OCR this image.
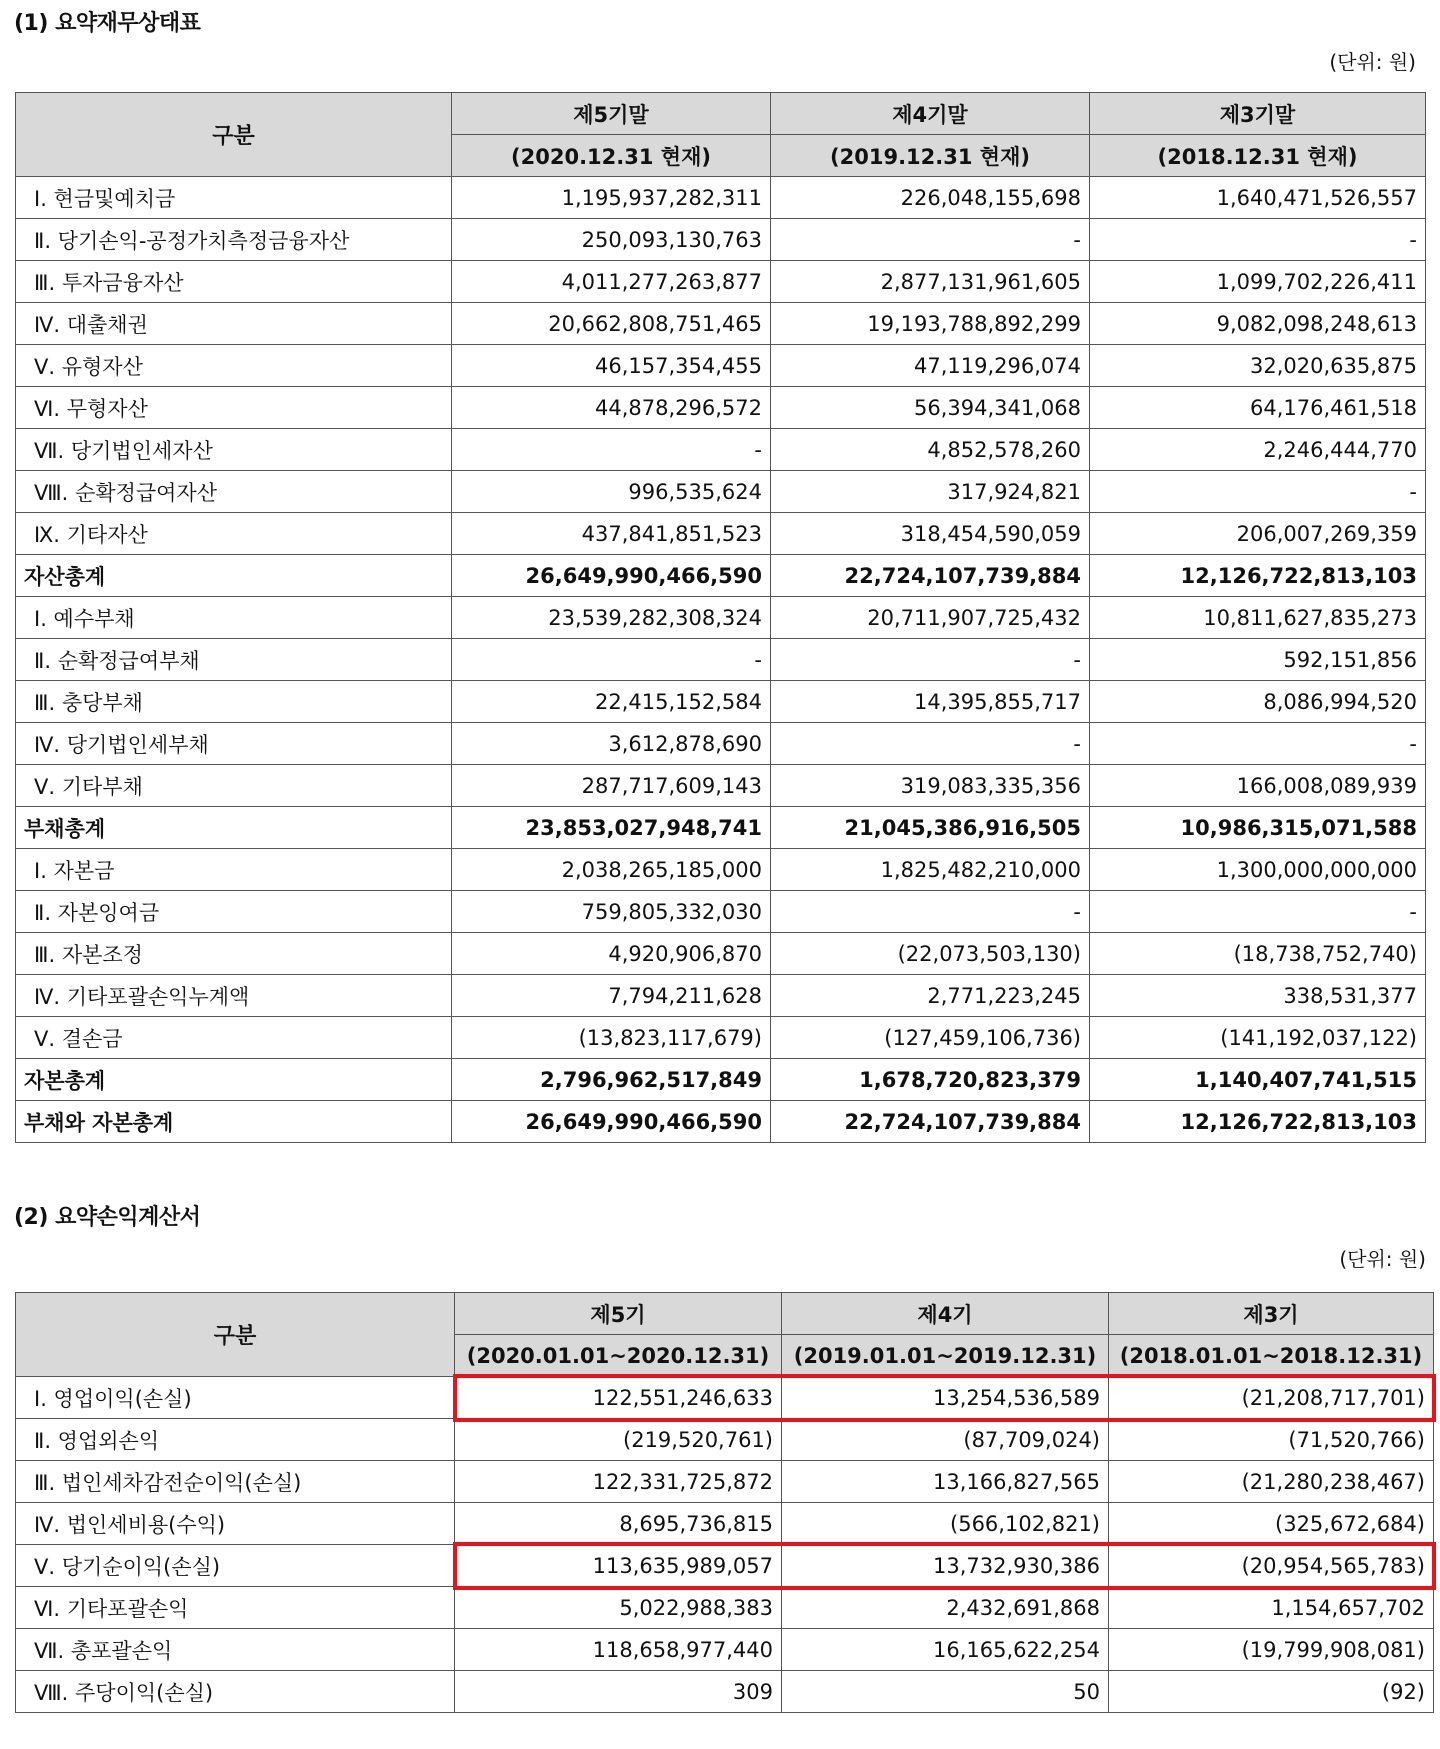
(1) 요약재무상태표
(단위: 원)
구분	제5기말	제4기말	제3기말
	(2020.12.31 현재)	(2019.12.31 현재)	(2018.12.31 현재)
Ⅰ. 현금및예치금	1,195,937,282,311	226,048,155,698	1,640,471,526,557
Ⅱ. 당기손익-공정가치측정금융자산	250,093,130,763	-	-
Ⅲ. 투자금융자산	4,011,277,263,877	2,877,131,961,605	1,099,702,226,411
Ⅳ. 대출채권	20,662,808,751,465	19,193,788,892,299	9,082,098,248,613
Ⅴ. 유형자산	46,157,354,455	47,119,296,074	32,020,635,875
Ⅵ. 무형자산	44,878,296,572	56,394,341,068	64,176,461,518
Ⅶ. 당기법인세자산	-	4,852,578,260	2,246,444,770
Ⅷ. 순확정급여자산	996,535,624	317,924,821	-
Ⅸ. 기타자산	437,841,851,523	318,454,590,059	206,007,269,359
자산총계	26,649,990,466,590	22,724,107,739,884	12,126,722,813,103
Ⅰ. 예수부채	23,539,282,308,324	20,711,907,725,432	10,811,627,835,273
Ⅱ. 순확정급여부채	-	-	592,151,856
Ⅲ. 충당부채	22,415,152,584	14,395,855,717	8,086,994,520
Ⅳ. 당기법인세부채	3,612,878,690	-	-
Ⅴ. 기타부채	287,717,609,143	319,083,335,356	166,008,089,939
부채총계	23,853,027,948,741	21,045,386,916,505	10,986,315,071,588
Ⅰ. 자본금	2,038,265,185,000	1,825,482,210,000	1,300,000,000,000
Ⅱ. 자본잉여금	759,805,332,030	-	-
Ⅲ. 자본조정	4,920,906,870	(22,073,503,130)	(18,738,752,740)
Ⅳ. 기타포괄손익누계액	7,794,211,628	2,771,223,245	338,531,377
Ⅴ. 결손금	(13,823,117,679)	(127,459,106,736)	(141,192,037,122)
자본총계	2,796,962,517,849	1,678,720,823,379	1,140,407,741,515
부채와 자본총계	26,649,990,466,590	22,724,107,739,884	12,126,722,813,103
(2) 요약손익계산서
(단위: 원)
구분	제5기	제4기	제3기
	(2020.01.01~2020.12.31)	(2019.01.01~2019.12.31)	(2018.01.01~2018.12.31)
Ⅰ. 영업이익(손실)	122,551,246,633	13,254,536,589	(21,208,717,701)
Ⅱ. 영업외손익	(219,520,761)	(87,709,024)	(71,520,766)
Ⅲ. 법인세차감전순이익(손실)	122,331,725,872	13,166,827,565	(21,280,238,467)
Ⅳ. 법인세비용(수익)	8,695,736,815	(566,102,821)	(325,672,684)
Ⅴ. 당기순이익(손실)	113,635,989,057	13,732,930,386	(20,954,565,783)
Ⅵ. 기타포괄손익	5,022,988,383	2,432,691,868	1,154,657,702
Ⅶ. 총포괄손익	118,658,977,440	16,165,622,254	(19,799,908,081)
Ⅷ. 주당이익(손실)	309	50	(92)
